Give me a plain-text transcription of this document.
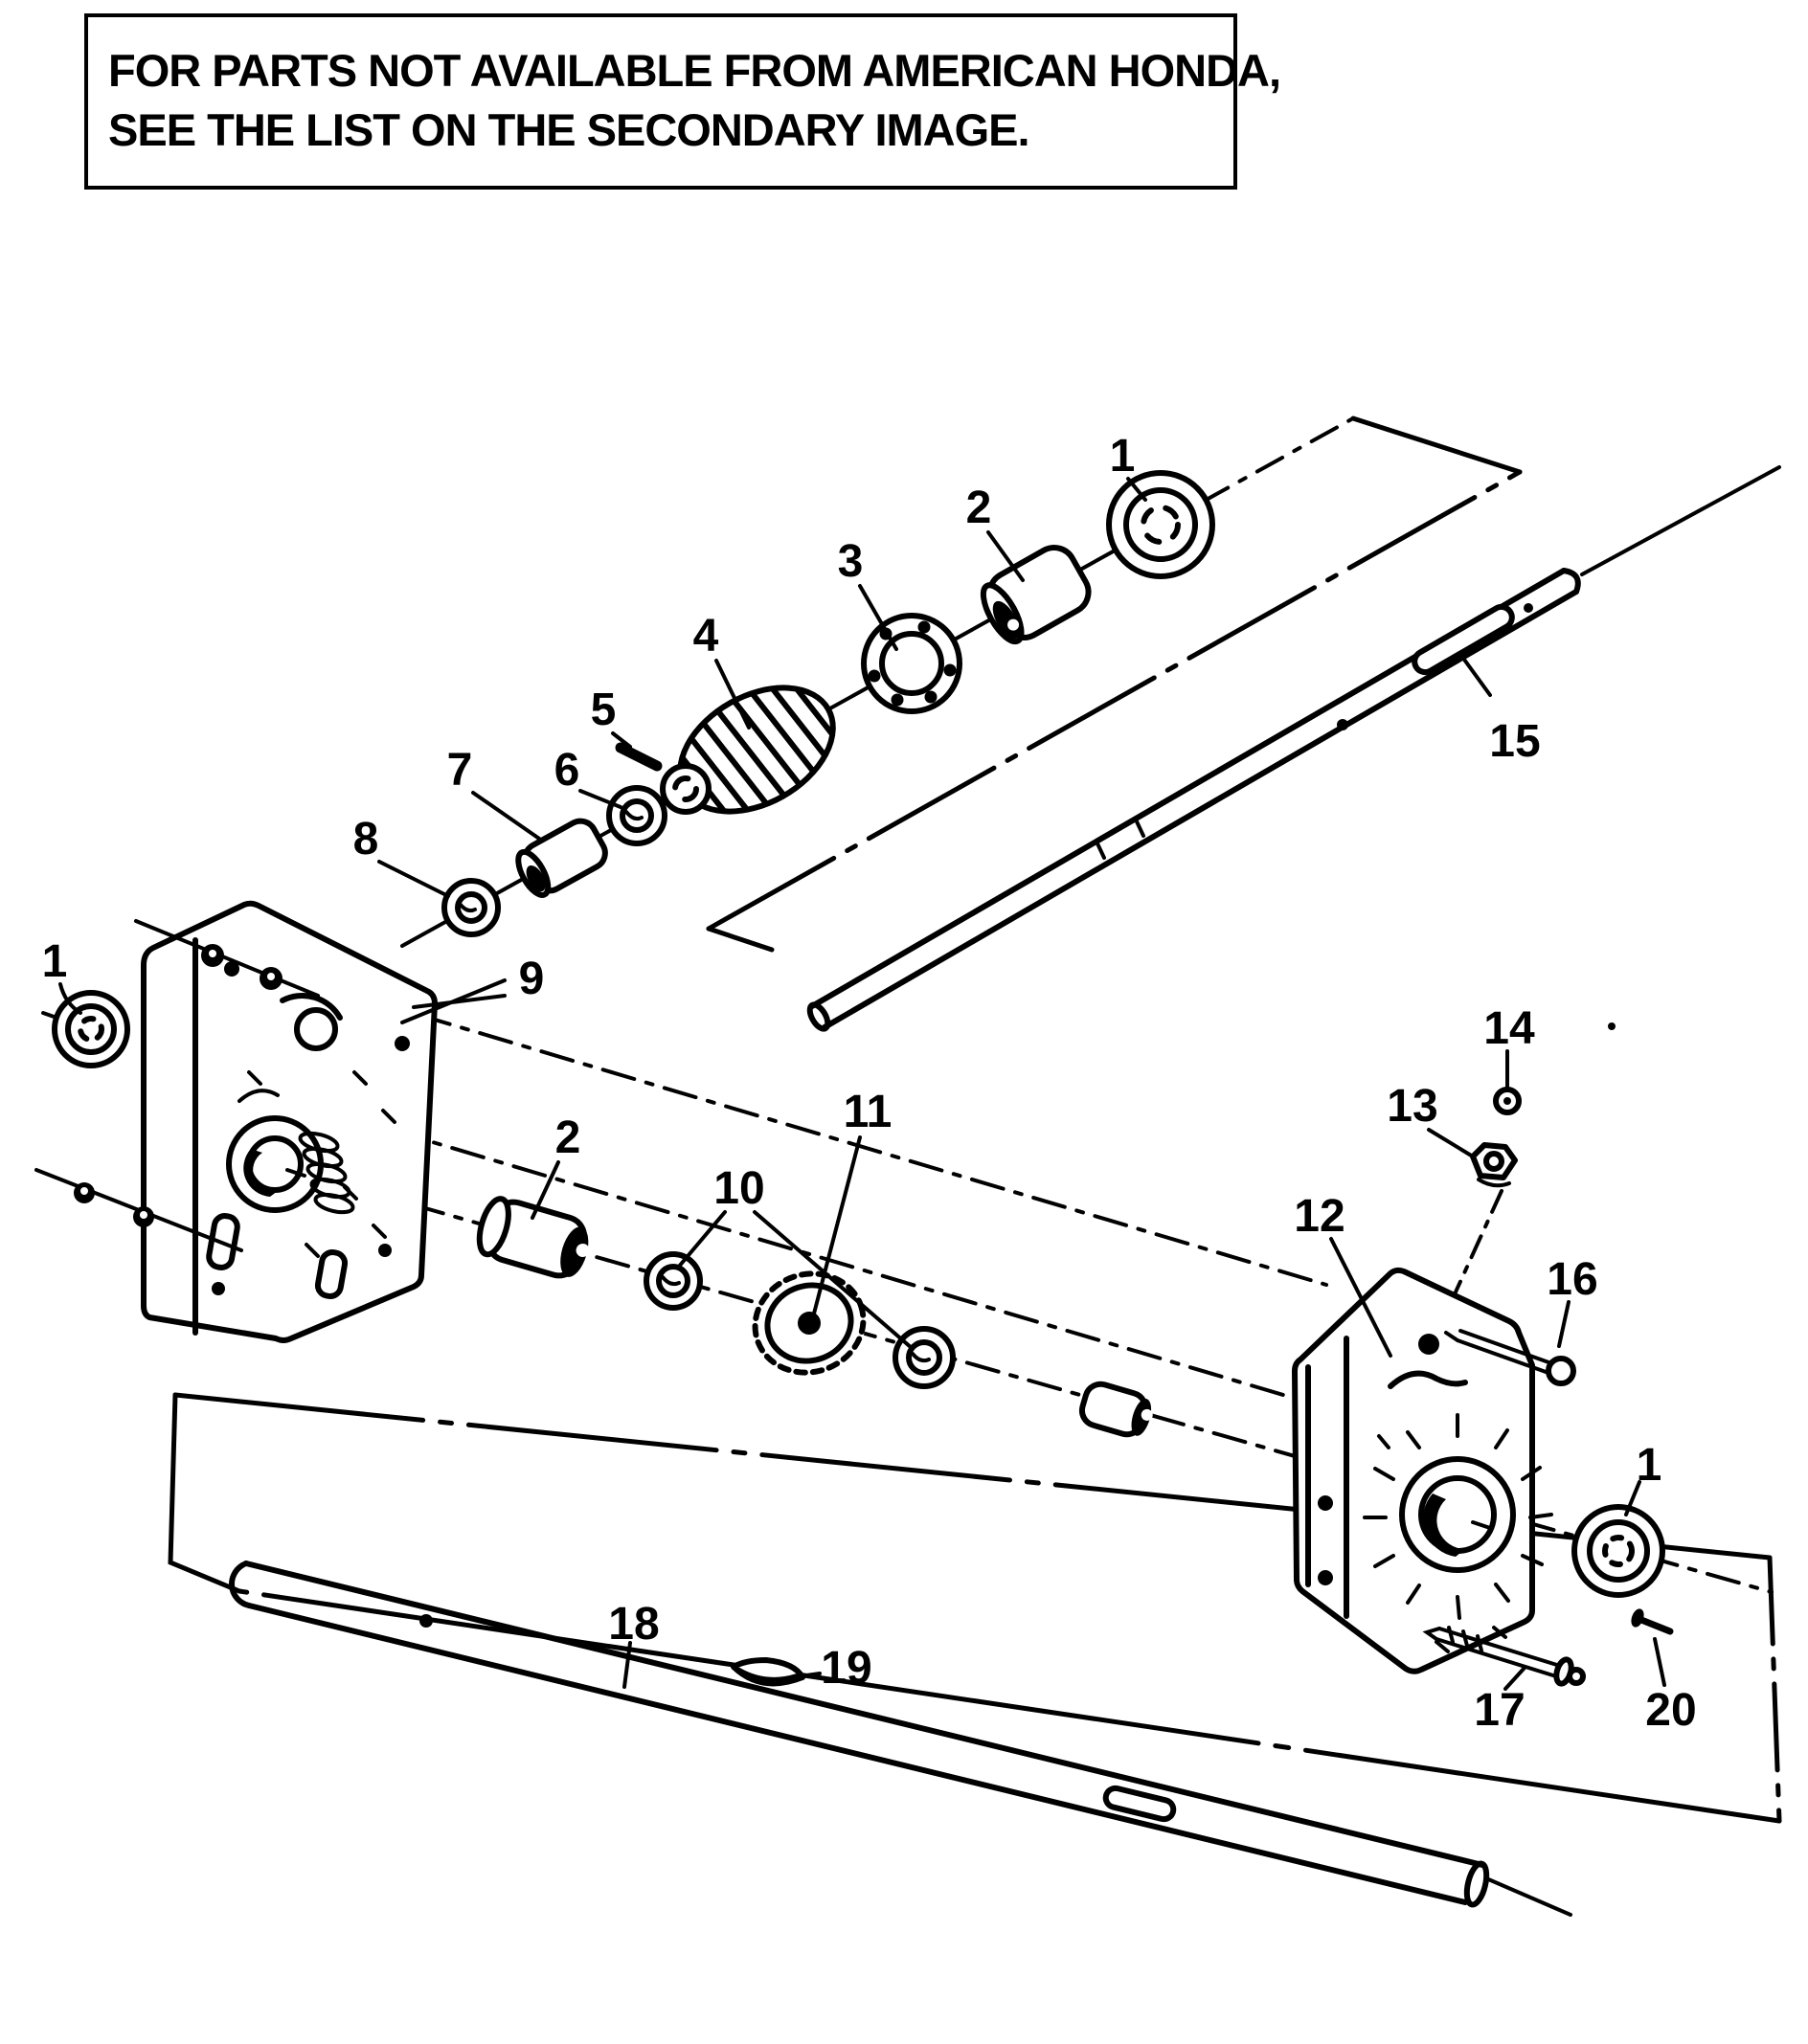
FOR PARTS NOT AVAILABLE FROM AMERICAN HONDA,
SEE THE LIST ON THE SECONDARY IMAGE.
1
2
3
4
5
6
7
8
15
9
1
2
10
11
12
13
14
16
1
17	20
18
19
